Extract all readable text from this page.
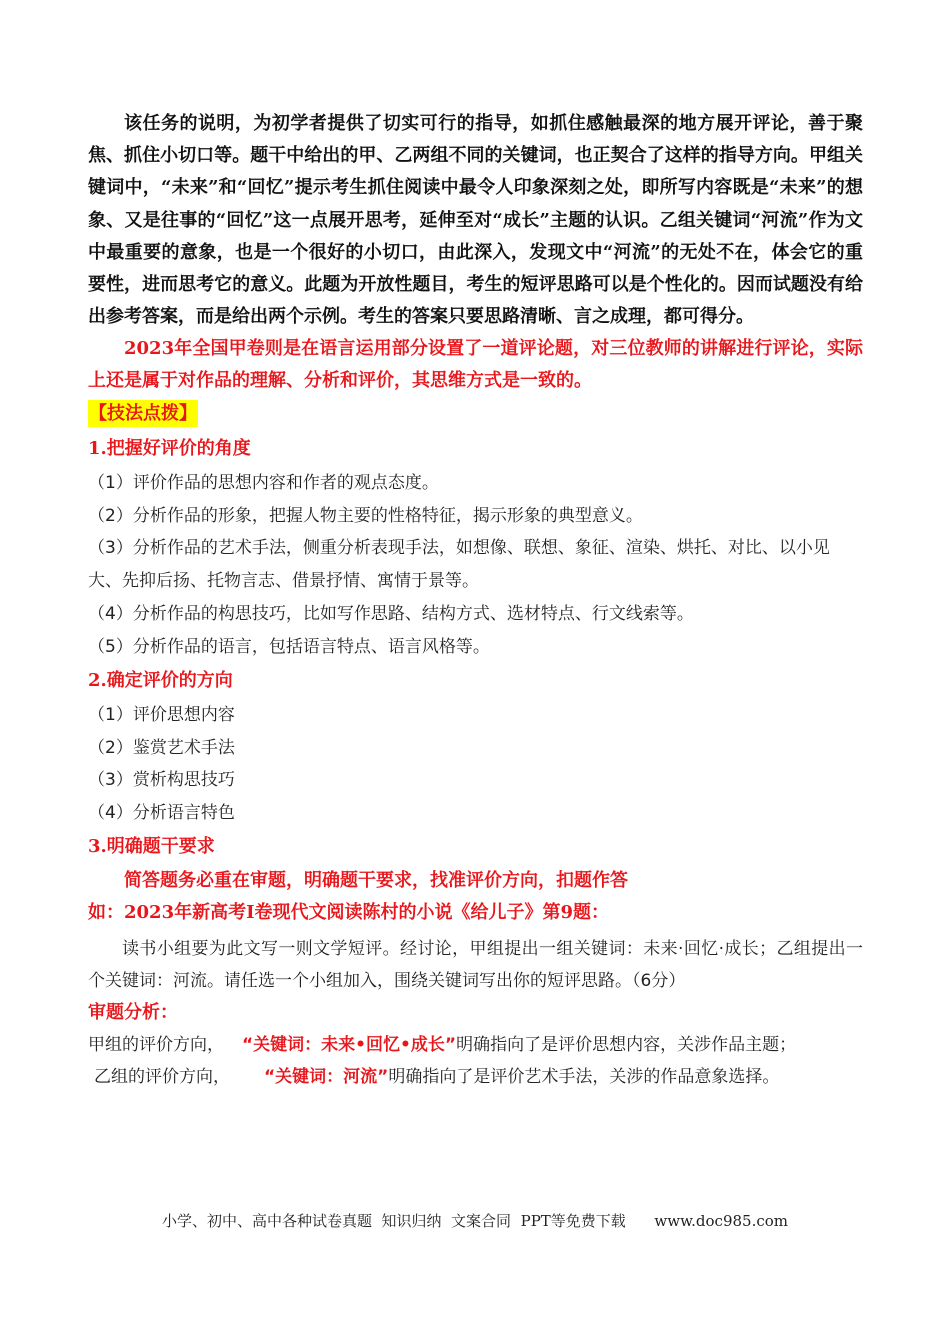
该任务的说明，为初学者提供了切实可行的指导，如抓住感触最深的地方展开评论，善于聚焦、抓住小切口等。题干中给出的甲、乙两组不同的关键词，也正契合了这样的指导方向。甲组关键词中，“未来”和“回忆”提示考生抓住阅读中最令人印象深刻之处，即所写内容既是“未来”的想象、又是往事的“回忆”这一点展开思考，延伸至对“成长”主题的认识。乙组关键词“河流”作为文中最重要的意象，也是一个很好的小切口，由此深入，发现文中“河流”的无处不在，体会它的重要性，进而思考它的意义。此题为开放性题目，考生的短评思路可以是个性化的。因而试题没有给出参考答案，而是给出两个示例。考生的答案只要思路清晰、言之成理，都可得分。

2023年全国甲卷则是在语言运用部分设置了一道评论题，对三位教师的讲解进行评论，实际上还是属于对作品的理解、分析和评价，其思维方式是一致的。

【技法点拨】

1.把握好评价的角度

（1）评价作品的思想内容和作者的观点态度。

（2）分析作品的形象，把握人物主要的性格特征，揭示形象的典型意义。

（3）分析作品的艺术手法，侧重分析表现手法，如想像、联想、象征、渲染、烘托、对比、以小见大、先抑后扬、托物言志、借景抒情、寓情于景等。

（4）分析作品的构思技巧，比如写作思路、结构方式、选材特点、行文线索等。

（5）分析作品的语言，包括语言特点、语言风格等。

2.确定评价的方向

（1）评价思想内容

（2）鉴赏艺术手法

（3）赏析构思技巧

（4）分析语言特色

3.明确题干要求

简答题务必重在审题，明确题干要求，找准评价方向，扣题作答

如：2023年新高考Ⅰ卷现代文阅读陈村的小说《给儿子》第9题：

读书小组要为此文写一则文学短评。经讨论，甲组提出一组关键词：未来·回忆·成长；乙组提出一个关键词：河流。请任选一个小组加入，围绕关键词写出你的短评思路。（6分）

审题分析：

甲组的评价方向， “关键词：未来•回忆•成长”明确指向了是评价思想内容，关涉作品主题；

乙组的评价方向， “关键词：河流”明确指向了是评价艺术手法，关涉的作品意象选择。

小学、初中、高中各种试卷真题  知识归纳  文案合同  PPT等免费下载 www.doc985.com
